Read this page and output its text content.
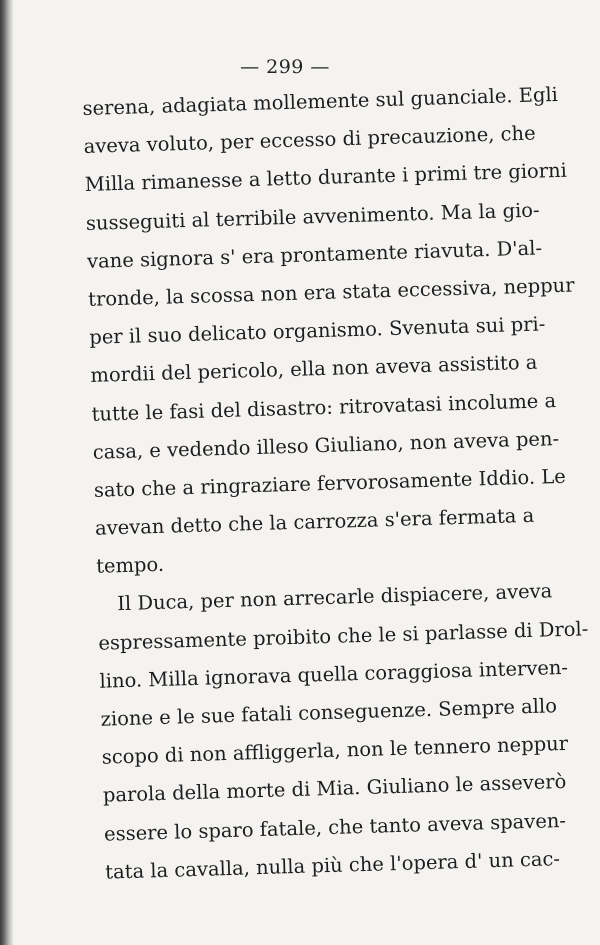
— 299 —
serena, adagiata mollemente sul guanciale. Egli
aveva voluto, per eccesso di precauzione, che
Milla rimanesse a letto durante i primi tre giorni
susseguiti al terribile avvenimento. Ma la gio-
vane signora s' era prontamente riavuta. D'al-
tronde, la scossa non era stata eccessiva, neppur
per il suo delicato organismo. Svenuta sui pri-
mordii del pericolo, ella non aveva assistito a
tutte le fasi del disastro: ritrovatasi incolume a
casa, e vedendo illeso Giuliano, non aveva pen-
sato che a ringraziare fervorosamente Iddio. Le
avevan detto che la carrozza s'era fermata a
tempo.
Il Duca, per non arrecarle dispiacere, aveva
espressamente proibito che le si parlasse di Drol-
lino. Milla ignorava quella coraggiosa interven-
zione e le sue fatali conseguenze. Sempre allo
scopo di non affliggerla, non le tennero neppur
parola della morte di Mia. Giuliano le asseverò
essere lo sparo fatale, che tanto aveva spaven-
tata la cavalla, nulla più che l'opera d' un cac-
